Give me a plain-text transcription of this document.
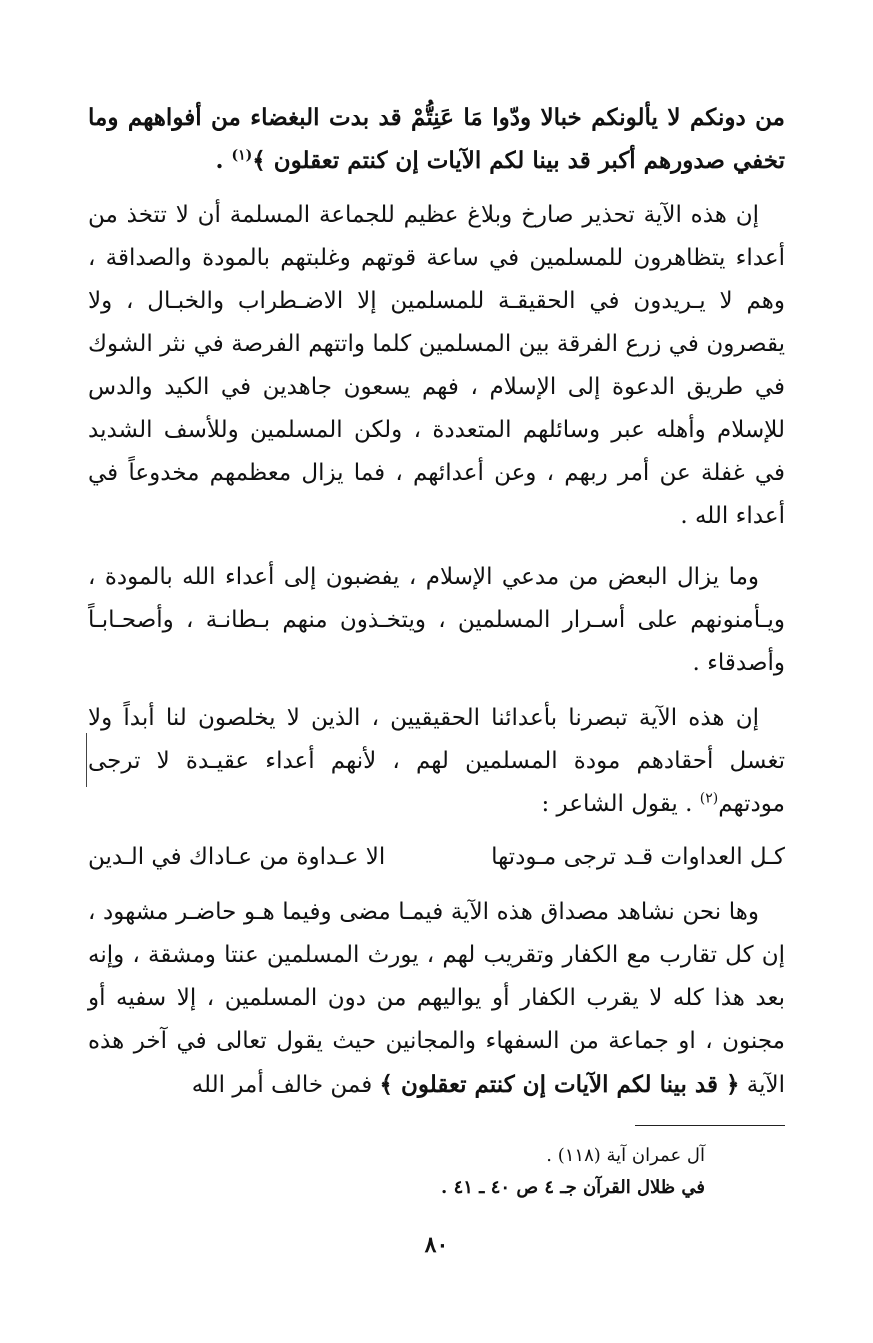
من دونكم لا يألونكم خبالا ودّوا مَا عَنِتُّمْ قد بدت البغضاء من أفواههم وما تخفي صدورهم أكبر قد بينا لكم الآيات إن كنتم تعقلون ﴾$^{(١)}$ .

إن هذه الآية تحذير صارخ وبلاغ عظيم للجماعة المسلمة أن لا تتخذ من أعداء يتظاهرون للمسلمين في ساعة قوتهم وغلبتهم بالمودة والصداقة ، وهم لا يـريدون في الحقيقـة للمسلمين إلا الاضـطراب والخبـال ، ولا يقصرون في زرع الفرقة بين المسلمين كلما واتتهم الفرصة في نثر الشوك في طريق الدعوة إلى الإسلام ، فهم يسعون جاهدين في الكيد والدس للإسلام وأهله عبر وسائلهم المتعددة ، ولكن المسلمين وللأسف الشديد في غفلة عن أمر ربهم ، وعن أعدائهم ، فما يزال معظمهم مخدوعاً في أعداء الله .

وما يزال البعض من مدعي الإسلام ، يفضبون إلى أعداء الله بالمودة ، ويـأمنونهم على أسـرار المسلمين ، ويتخـذون منهم بـطانـة ، وأصحـابـاً وأصدقاء .

إن هذه الآية تبصرنا بأعدائنا الحقيقيين ، الذين لا يخلصون لنا أبداً ولا تغسل أحقادهم مودة المسلمين لهم ، لأنهم أعداء عقيـدة لا ترجى مودتهم$^{(٢)}$ . يقول الشاعر :

كـل العداوات قـد ترجى مـودتها
الا عـداوة من عـاداك في الـدين

وها نحن نشاهد مصداق هذه الآية فيمـا مضى وفيما هـو حاضـر مشهود ، إن كل تقارب مع الكفار وتقريب لهم ، يورث المسلمين عنتا ومشقة ، وإنه بعد هذا كله لا يقرب الكفار أو يواليهم من دون المسلمين ، إلا سفيه أو مجنون ، او جماعة من السفهاء والمجانين حيث يقول تعالى في آخر هذه الآية ﴿ قد بينا لكم الآيات إن كنتم تعقلون ﴾ فمن خالف أمر الله

آل عمران آية (١١٨) .

في ظلال القرآن جـ ٤ ص ٤٠ ـ ٤١ .

٨٠
